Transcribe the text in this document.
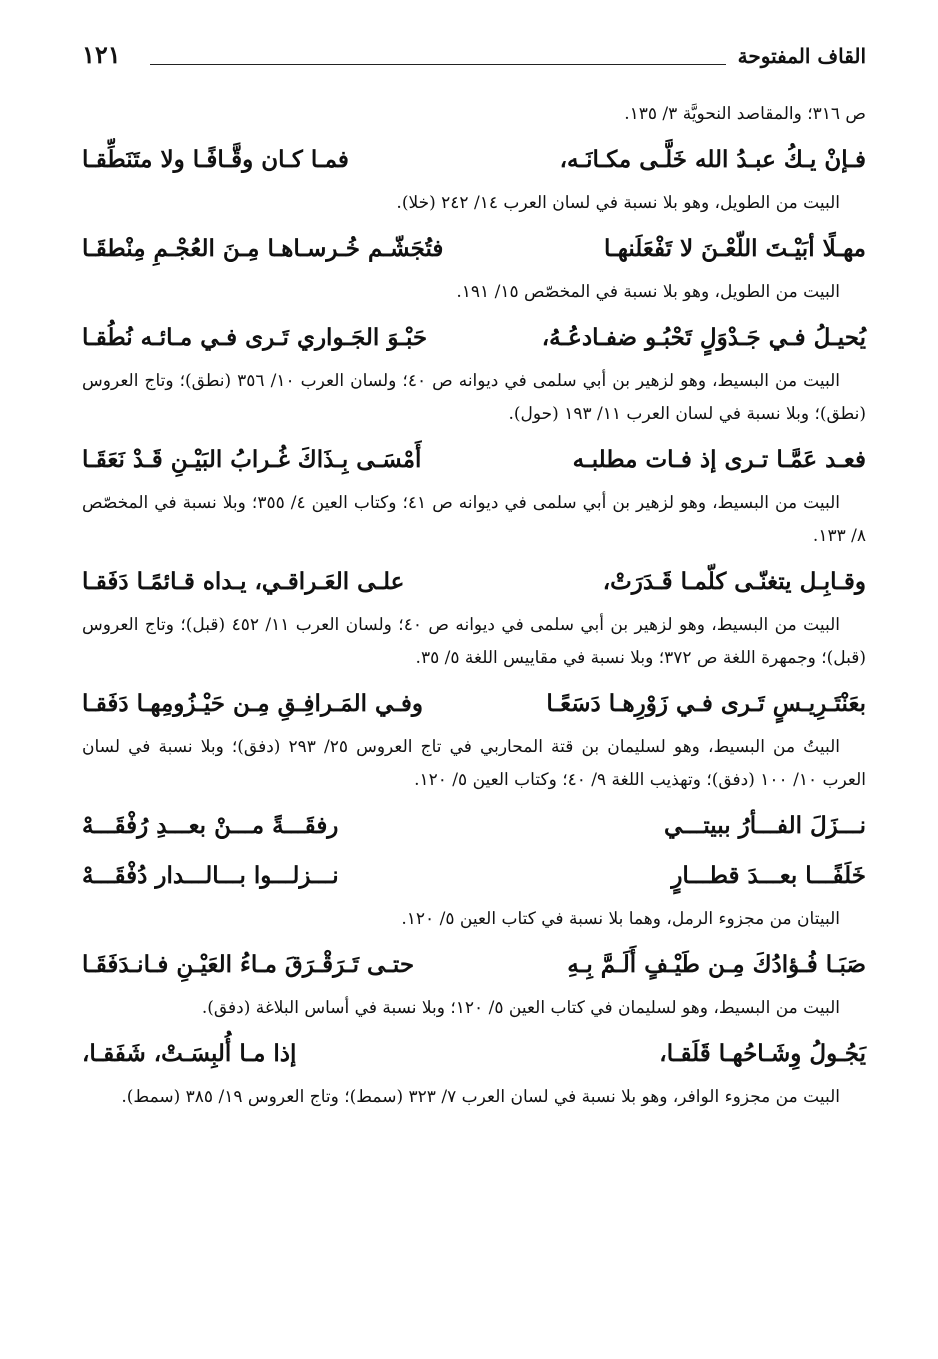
القاف المفتوحة
١٢١

ص ٣١٦؛ والمقاصد النحويَّة ٣/ ١٣٥.

فـإنْ يـكُ عبـدُ الله خَلَّـى مكـانَـه،
فمـا كـان وقَّـافًـا ولا متَنَطِّقـا

البيت من الطويل، وهو بلا نسبة في لسان العرب ١٤/ ٢٤٢ (خلا).

مهـلًا أبَيْـتَ اللّعْـنَ لا تَفْعَلَنهـا
فتُجَشّـم خُـرسـاهـا مِـنَ العُجْـمِ مِنْطقَـا

البيت من الطويل، وهو بلا نسبة في المخصّص ١٥/ ١٩١.

يُحيـلُ فـي جَـدْوَلٍ تَحْبُـو ضفـادعُـهُ،
حَبْـوَ الجَـواري تَـرى فـي مـائـه نُطُقـا

البيت من البسيط، وهو لزهير بن أبي سلمى في ديوانه ص ٤٠؛ ولسان العرب ١٠/ ٣٥٦ (نطق)؛ وتاج العروس (نطق)؛ وبلا نسبة في لسان العرب ١١/ ١٩٣ (حول).

فعـد عَمَّـا تـرى إذ فـات مطلبـه
أَمْسَـى بِـذَاكَ غُـرابُ البَيْـنِ قَـدْ نَعَقَـا

البيت من البسيط، وهو لزهير بن أبي سلمى في ديوانه ص ٤١؛ وكتاب العين ٤/ ٣٥٥؛ وبلا نسبة في المخصّص ٨/ ١٣٣.

وقـابِـل يتغنّـى كلّمـا قَـدَرَتْ،
علـى العَـراقـي، يـداه قـائمًـا دَفَقـا

البيت من البسيط، وهو لزهير بن أبي سلمى في ديوانه ص ٤٠؛ ولسان العرب ١١/ ٤٥٢ (قبل)؛ وتاج العروس (قبل)؛ وجمهرة اللغة ص ٣٧٢؛ وبلا نسبة في مقاييس اللغة ٥/ ٣٥.

بعَنْتَـرِيـسٍ تَـرى فـي زَوْرِهـا دَسَعًـا
وفـي المَـرافِـقِ مِـن حَيْـزُومِهـا دَفَقـا

البيتُ من البسيط، وهو لسليمان بن قتة المحاربي في تاج العروس ٢٥/ ٢٩٣ (دفق)؛ وبلا نسبة في لسان العرب ١٠/ ١٠٠ (دفق)؛ وتهذيب اللغة ٩/ ٤٠؛ وكتاب العين ٥/ ١٢٠.

نـــزَلَ الفـــأرُ ببيتـــي
رفقَـــةً مـــنْ بعـــدِ رُفْقَـــهْ
خَلَفًـــا بعـــدَ قطـــارٍ
نـــزلـــوا بـــالـــدار دُفْقَـــهْ

البيتان من مجزوء الرمل، وهما بلا نسبة في كتاب العين ٥/ ١٢٠.

صَبَـا فُـؤادُكَ مِـن طَيْـفٍ أَلَـمَّ بِـهِ
حتـى تَـرَقْـرَقَ مـاءُ العَيْـنِ فـانـدَفَقَـا

البيت من البسيط، وهو لسليمان في كتاب العين ٥/ ١٢٠؛ وبلا نسبة في أساس البلاغة (دفق).

يَجُـولُ وِشَـاحُهـا قَلَقـا،
إذا مـا أُلبِسَـتْ، شَفَقـا،

البيت من مجزوء الوافر، وهو بلا نسبة في لسان العرب ٧/ ٣٢٣ (سمط)؛ وتاج العروس ١٩/ ٣٨٥ (سمط).
